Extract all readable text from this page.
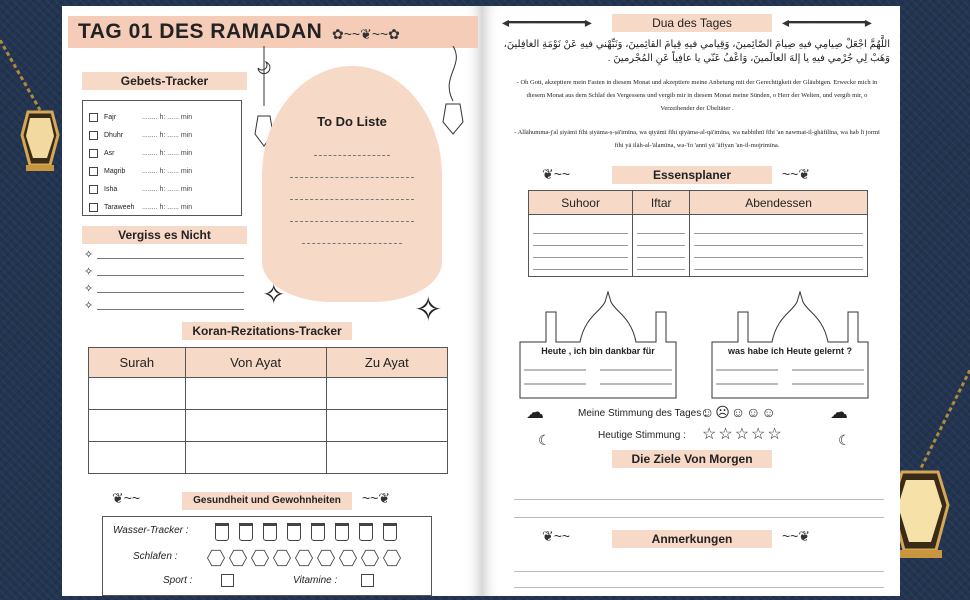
TAG 01 DES RAMADAN ✿~~❦~~✿
Gebets-Tracker
Fajr	........ h: ...... min
Dhuhr	........ h: ...... min
Asr	........ h: ...... min
Magrib	........ h: ...... min
Isha	........ h: ...... min
Taraweeh	........ h: ...... min
Vergiss es Nicht
✧
✧
✧
✧
To Do Liste
✧	✧
Koran-Rezitations-Tracker
Surah	Von Ayat	Zu Ayat

❦~~	Gesundheit und Gewohnheiten	~~❦
Wasser-Tracker :
Schlafen :
Sport :	Vitamine :
◂━━━━━━━━━▸	Dua des Tages	◂━━━━━━━━━▸
اللَّهُمَّ اجْعَلْ صِيامِي فيهِ صِيامَ الصّائِمينَ، وَقِيامي فيهِ قِيامَ القائِمينَ، وَنَبِّهْني فيهِ عَنْ نَوْمَةِ الغافِلينَ، وَهَبْ لِي جُرْمي فيهِ يا إلهَ العالَمينَ، وَاعْفُ عَنّي يا عافِياً عَنِ المُجْرمينَ .
- Oh Gott, akzeptiere mein Fasten in diesem Monat und akzeptiere meine Anbetung mit der Gerechtigkeit der Gläubigen. Erwecke mich in diesem Monat aus dem Schlaf des Vergessens und vergib mir in diesem Monat meine Sünden, o Herr der Welten, und vergib mir, o Verzeihender der Übeltäter .
- Allāhumma-j'al ṣiyāmī fīhi ṣiyāma-ṣ-ṣā'imīna, wa qiyāmī fīhi qiyāma-al-qā'imīna, wa nabbihnī fīhi 'an nawmat-il-ghāfilīna, wa hab lī jormī fīhi yā ilāh-al-'ālamīna, wa-'fo 'annī yā 'āfiyan 'an-il-mojrimīna.
❦~~	Essensplaner	~~❦
Suhoor	Iftar	Abendessen

Heute , ich bin dankbar für	was habe ich Heute gelernt ?
☁
☾
Meine Stimmung des Tages :
☺☹☺☺☺
Heutige Stimmung : ☆☆☆☆☆
☁
☾
Die Ziele Von Morgen
❦~~	Anmerkungen	~~❦
